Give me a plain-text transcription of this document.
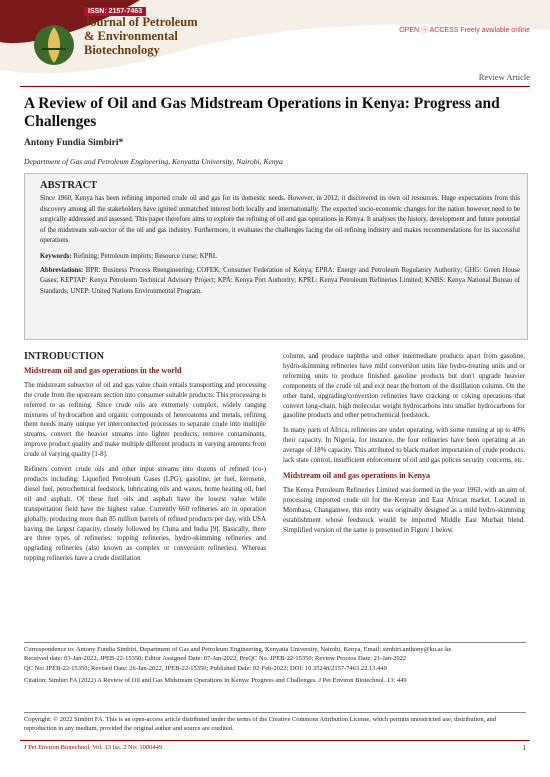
ISSN: 2157-7463
Journal of Petroleum
& Environmental
Biotechnology
OPEN ⓐ ACCESS Freely available online
Review Article
A Review of Oil and Gas Midstream Operations in Kenya: Progress and Challenges
Antony Fundia Simbiri*
Department of Gas and Petroleum Engineering, Kenyatta University, Nairobi, Kenya
ABSTRACT
Since 1960, Kenya has been refining imported crude oil and gas for its domestic needs. However, in 2012, it discovered its own oil resources. Huge expectations from this discovery among all the stakeholders have ignited unmatched interest both locally and internationally. The expected socio-economic changes for the nation however need to be surgically addressed and assessed. This paper therefore aims to explore the refining of oil and gas operations in Kenya. It analyses the history, development and future potential of the midstream sub-sector of the oil and gas industry. Furthermore, it evaluates the challenges facing the oil refining industry and makes recommendations for its successful operations.
Keywords: Refining; Petroleum imports; Resource curse; KPRL
Abbreviations: BPR: Business Process Reengineering; COFEK: Consumer Federation of Kenya; EPRA: Energy and Petroleum Regulatory Authority; GHG: Green House Gases; KEPTAP: Kenya Petroleum Technical Advisory Project; KPA: Kenya Port Authority; KPRL: Kenya Petroleum Refineries Limited; KNBS: Kenya National Bureau of Standards; UNEP: United Nations Environmental Program.
INTRODUCTION
Midstream oil and gas operations in the world

The midstream subsector of oil and gas value chain entails transporting and processing the crude from the upstream section into consumer suitable products. This processing is referred to as refining. Since crude oils are extremely complex, widely ranging mixtures of hydrocarbon and organic compounds of heteroatoms and metals, refining them needs many unique yet interconnected processes to separate crude into multiple streams, convert the heavier streams into lighter products, remove contaminants, improve product quality and make multiple different products in varying amounts from crude of varying quality [1-8].

Refiners convert crude oils and other input streams into dozens of refined (co-) products including: Liquefied Petroleum Gases (LPG), gasoline, jet fuel, kerosene, diesel fuel, petrochemical feedstock, lubricating oils and waxes, home heating oil, fuel oil and asphalt. Of these fuel oils and asphalt have the lowest value while transportation field have the highest value. Currently 660 refineries are in operation globally, producing more than 85 million barrels of refined products per day, with USA having the largest capacity, closely followed by China and India [9]. Basically, there are three types of refineries: topping refineries, hydro-skimming refineries and upgrading refineries (also known as complex or conversion refineries). Whereas topping refineries have a crude distillation

column, and produce naphtha and other intermediate products apart from gasoline, hydro-skimming refineries have mild conversion units like hydro-treating units and or reforming units to produce finished gasoline products but don't upgrade heavier components of the crude oil and exit near the bottom of the distillation column. On the other hand, upgrading/conversion refineries have cracking or coking operations that convert long-chain, high molecular weight hydrocarbons into smaller hydrocarbons for gasoline products and other petrochemical feedstock.

In many parts of Africa, refineries are under operating, with some running at up to 40% their capacity. In Nigeria, for instance, the four refineries have been operating at an average of 18% capacity. This attributed to black market importation of crude products, lack state control, insufficient enforcement of oil and gas polices security concerns, etc.

Midstream oil and gas operations in Kenya

The Kenya Petroleum Refineries Limited was formed in the year 1963, with an aim of processing imported crude oil for the Kenyan and East African market. Located in Mombasa, Changamwe, this entity was originally designed as a mild hydro-skimming establishment whose feedstock would be imported Middle East Murban blend. Simplified version of the same is presented in Figure 1 below.

Correspondence to: Antony Fundia Simbiri, Department of Gas and Petroleum Engineering, Kenyatta University, Nairobi, Kenya, Email: simbiri.anthony@ku.ac.ke
Received date: 03-Jan-2022, JPEB-22-15350; Editor Assigned Date: 07-Jan-2022, PreQC No. JPEB-22-15350; Review Process Date: 21-Jan-2022
QC No: JPEB-22-15350; Revised Date: 26-Jan-2022, JPEB-22-15350; Published Date: 02-Feb-2022; DOI: 10.35248/2157-7463.22.13.449
Citation: Simbiri FA (2022) A Review of Oil and Gas Midstream Operations in Kenya: Progress and Challenges. J Pet Environ Biotechnol. 13: 449
Copyright: © 2022 Simbiri FA. This is an open-access article distributed under the terms of the Creative Commons Attribution License, which permits unrestricted use, distribution, and reproduction in any medium, provided the original author and source are credited.
J Pet Environ Biotechnol, Vol. 13 Iss. 2 No: 1000449	1
